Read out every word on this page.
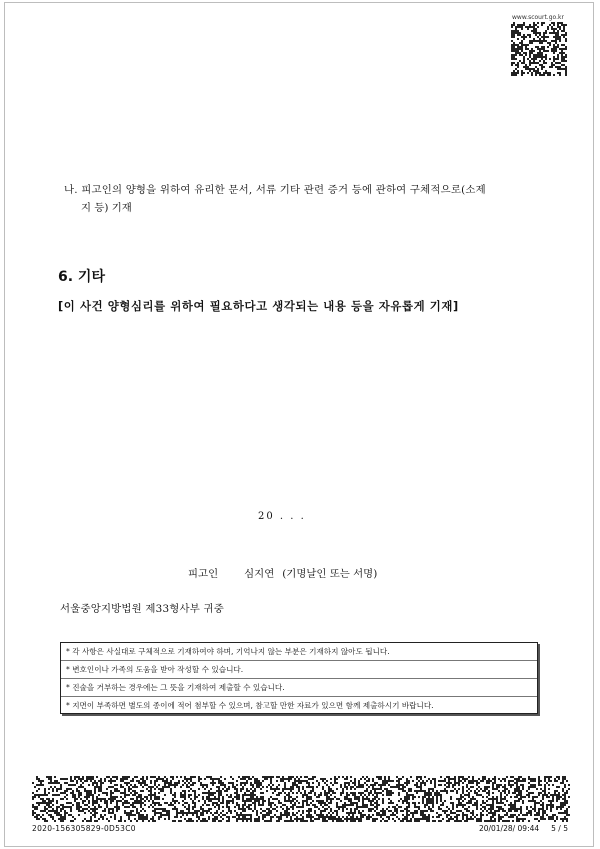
www.scourt.go.kr
나. 피고인의 양형을 위하여 유리한 문서, 서류 기타 관련 증거 등에 관하여 구체적으로(소제
지 등) 기재
6. 기타
[이 사건 양형심리를 위하여 필요하다고 생각되는 내용 등을 자유롭게 기재]
20 . . .
피고인	심지연 (기명날인 또는 서명)
서울중앙지방법원 제33형사부 귀중
* 각 사항은 사실대로 구체적으로 기재하여야 하며, 기억나지 않는 부분은 기재하지 않아도 됩니다.
* 변호인이나 가족의 도움을 받아 작성할 수 있습니다.
* 진술을 거부하는 경우에는 그 뜻을 기재하여 제출할 수 있습니다.
* 지면이 부족하면 별도의 종이에 적어 첨부할 수 있으며, 참고할 만한 자료가 있으면 함께 제출하시기 바랍니다.
2020-156305829-0D53C0	20/01/28/ 09:44 5 / 5
